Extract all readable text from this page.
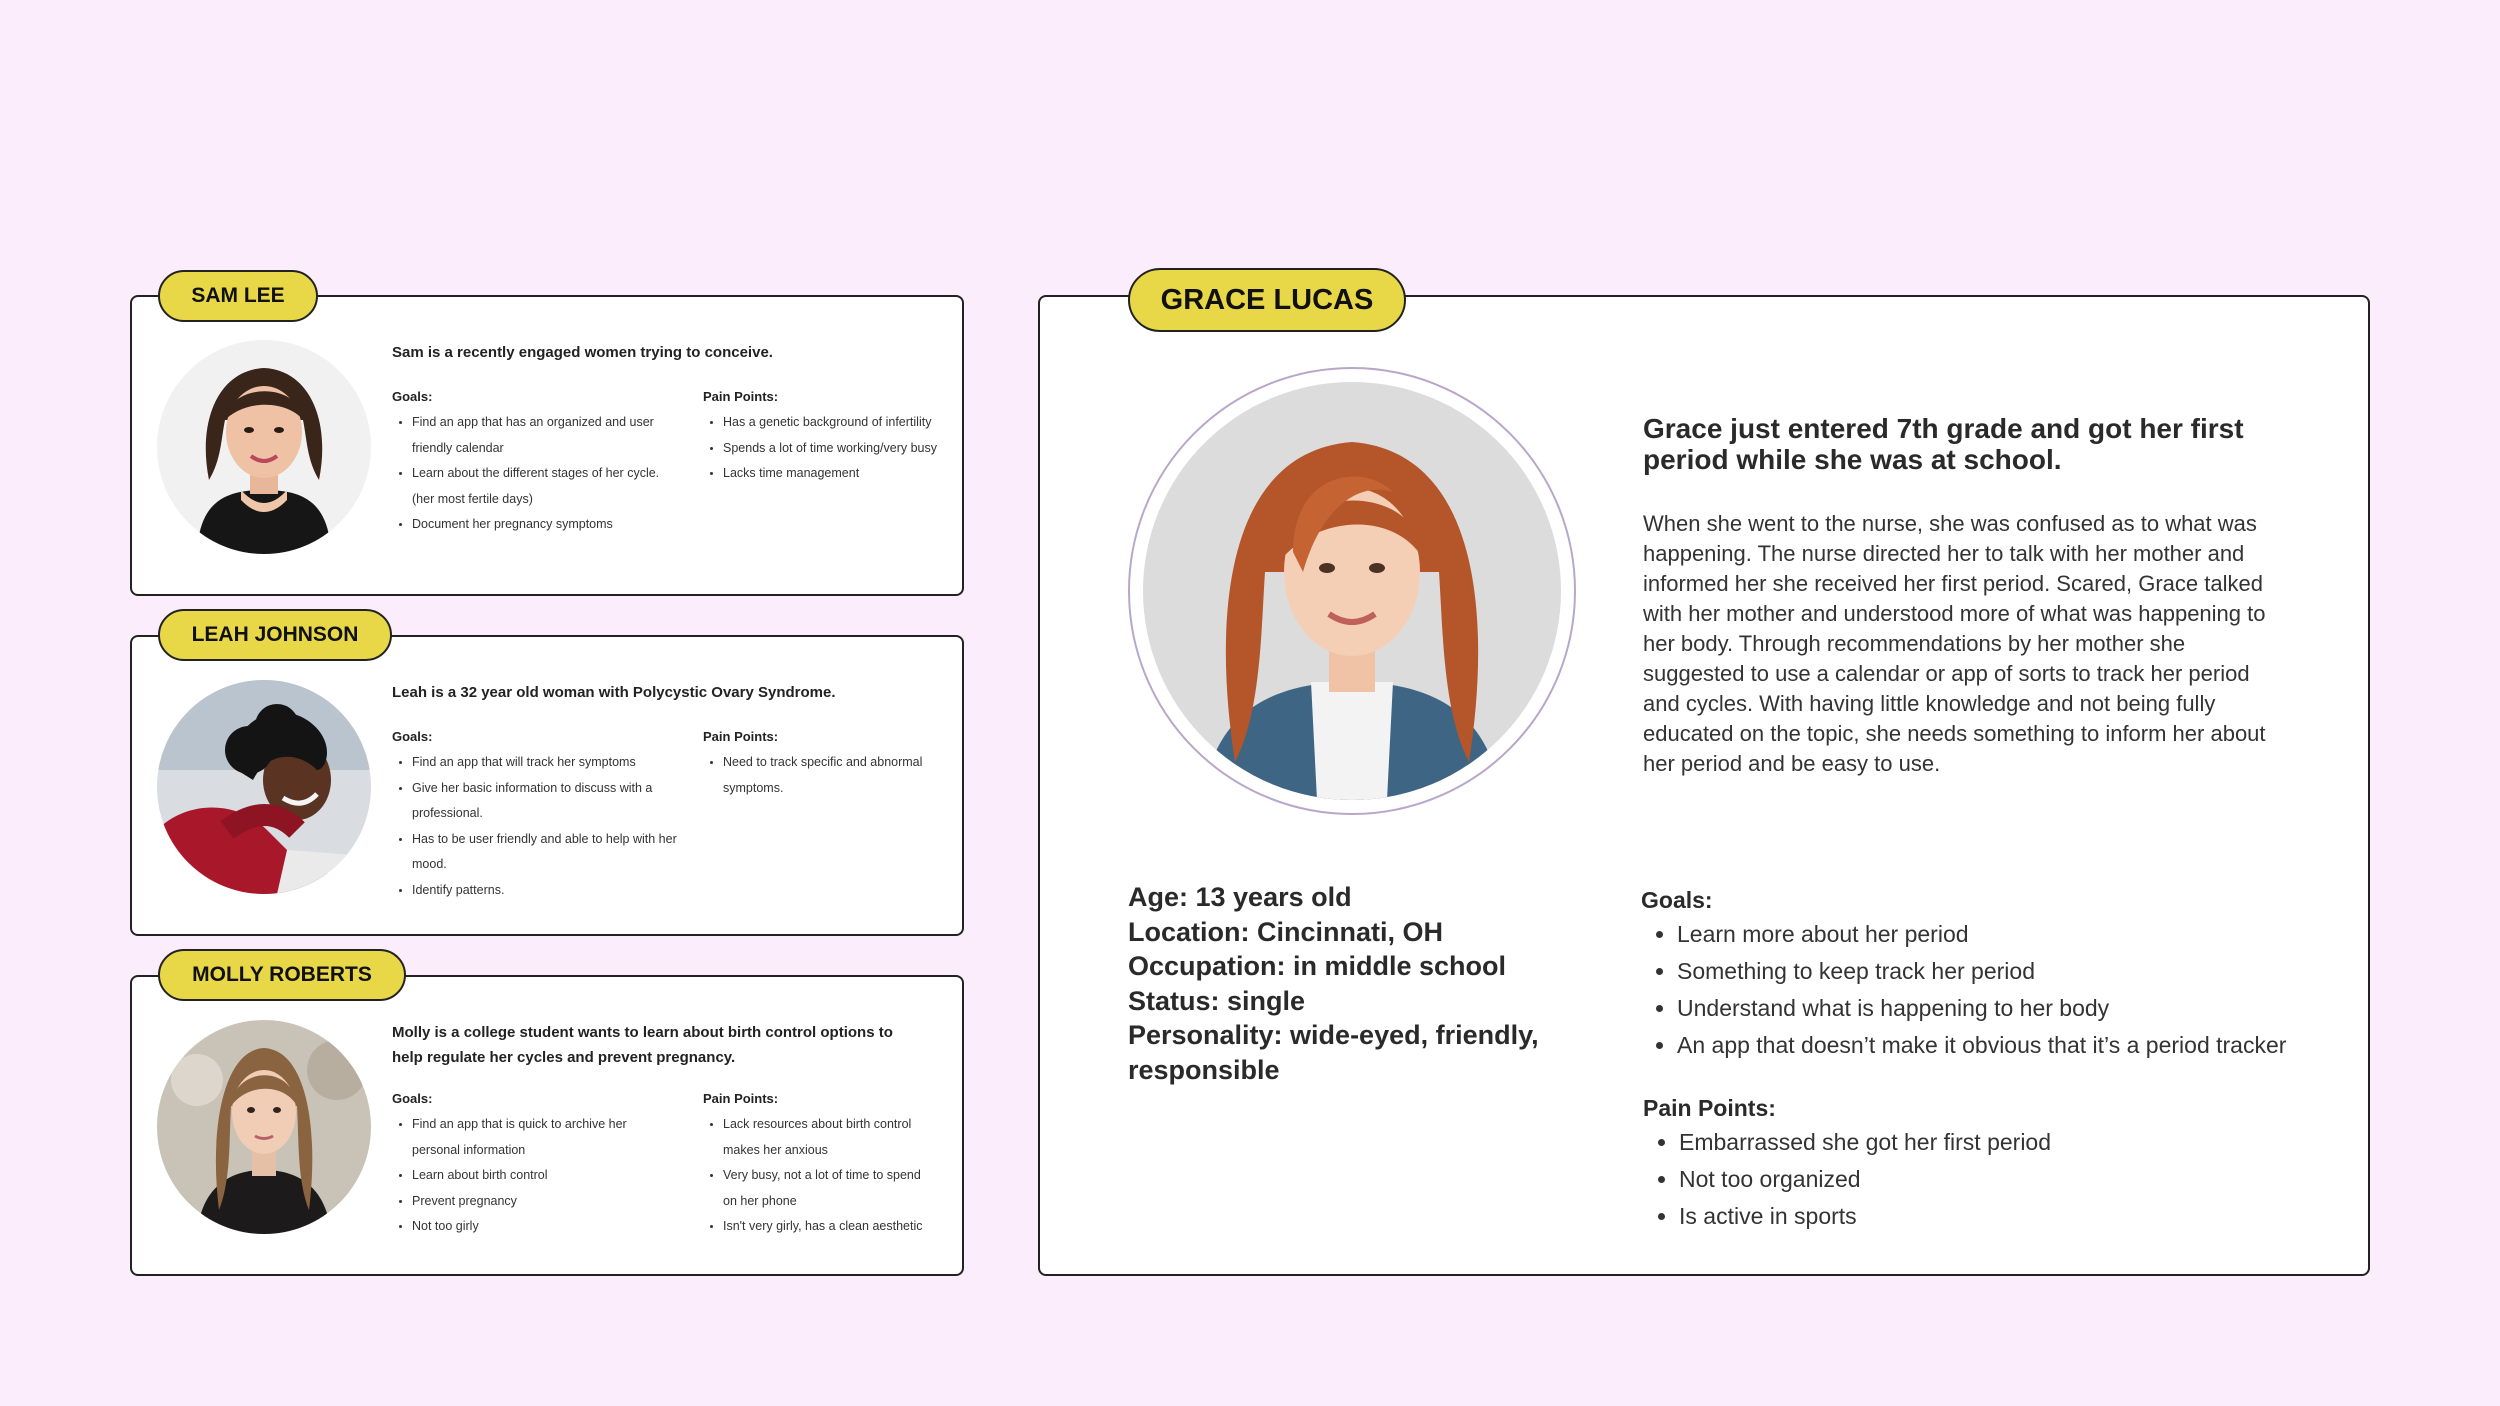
SAM LEE
Sam is a recently engaged women trying to conceive.
Goals:
• Find an app that has an organized and user friendly calendar
• Learn about the different stages of her cycle. (her most fertile days)
• Document her pregnancy symptoms
Pain Points:
• Has a genetic background of infertility
• Spends a lot of time working/very busy
• Lacks time management
LEAH JOHNSON
Leah is a 32 year old woman with Polycystic Ovary Syndrome.
Goals:
• Find an app that will track her symptoms
• Give her basic information to discuss with a professional.
• Has to be user friendly and able to help with her mood.
• Identify patterns.
Pain Points:
• Need to track specific and abnormal symptoms.
MOLLY ROBERTS
Molly is a college student wants to learn about birth control options to help regulate her cycles and prevent pregnancy.
Goals:
• Find an app that is quick to archive her personal information
• Learn about birth control
• Prevent pregnancy
• Not too girly
Pain Points:
• Lack resources about birth control makes her anxious
• Very busy, not a lot of time to spend on her phone
• Isn't very girly, has a clean aesthetic
GRACE LUCAS
Grace just entered 7th grade and got her first period while she was at school.
When she went to the nurse, she was confused as to what was happening. The nurse directed her to talk with her mother and informed her she received her first period. Scared, Grace talked with her mother and understood more of what was happening to her body. Through recommendations by her mother she suggested to use a calendar or app of sorts to track her period and cycles. With having little knowledge and not being fully educated on the topic, she needs something to inform her about her period and be easy to use.
Age: 13 years old
Location: Cincinnati, OH
Occupation: in middle school
Status: single
Personality: wide-eyed, friendly, responsible
Goals:
• Learn more about her period
• Something to keep track her period
• Understand what is happening to her body
• An app that doesn’t make it obvious that it’s a period tracker
Pain Points:
• Embarrassed she got her first period
• Not too organized
• Is active in sports
